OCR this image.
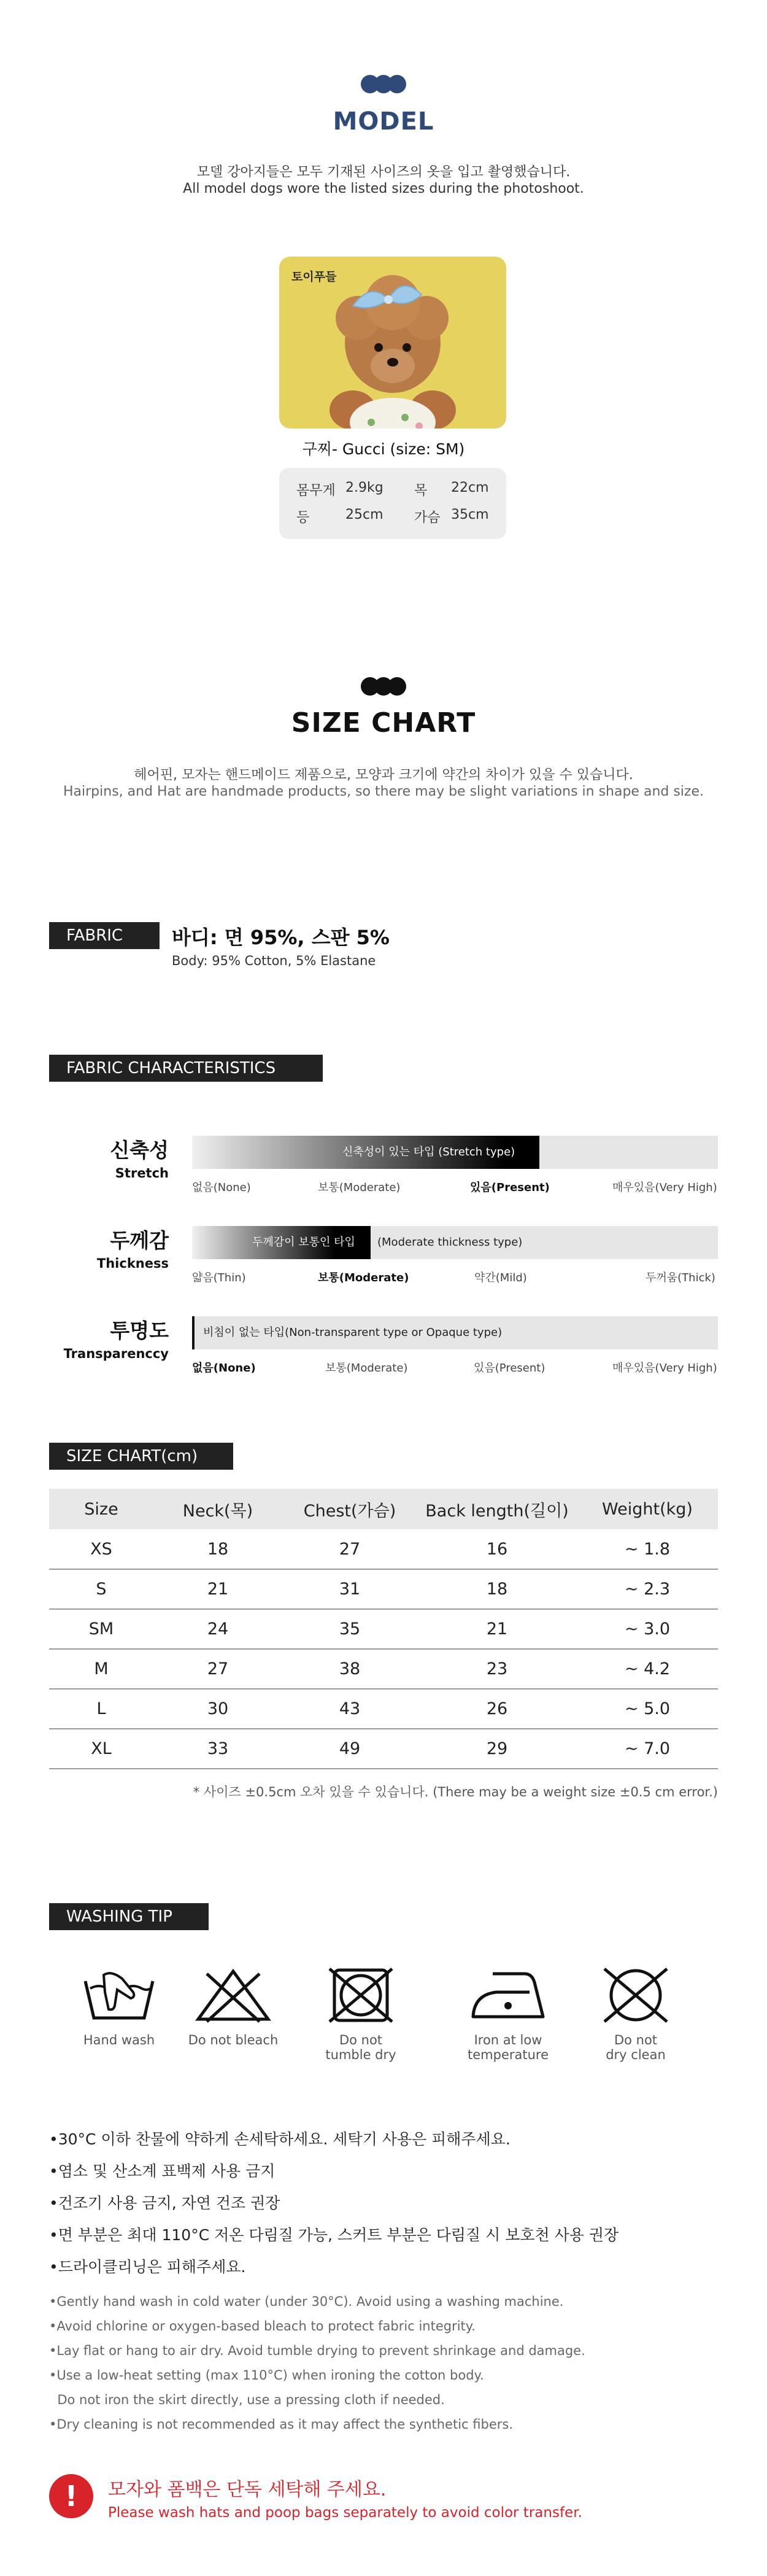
MODEL
모델 강아지들은 모두 기재된 사이즈의 옷을 입고 촬영했습니다.
All model dogs wore the listed sizes during the photoshoot.
토이푸들
구찌- Gucci (size: SM)
몸무게 2.9kg 목 22cm
등	25cm 가슴 35cm
SIZE CHART
헤어핀, 모자는 핸드메이드 제품으로, 모양과 크기에 약간의 차이가 있을 수 있습니다.
Hairpins, and Hat are handmade products, so there may be slight variations in shape and size.
FABRIC	바디: 면 95%, 스판 5%
Body: 95% Cotton, 5% Elastane
FABRIC CHARACTERISTICS
신축성
Stretch
신축성이 있는 타입 (Stretch type)
없음(None)	보통(Moderate)	있음(Present)	매우있음(Very High)
두께감
Thickness
두께감이 보통인 타입 (Moderate thickness type)
얇음(Thin)	보통(Moderate)	약간(Mild)	두꺼움(Thick)
투명도
Transparenccy
비침이 없는 타입(Non-transparent type or Opaque type)
없음(None)	보통(Moderate)	있음(Present)	매우있음(Very High)
SIZE CHART(cm)
Size	Neck(목)	Chest(가슴)	Back length(길이)	Weight(kg)
XS	18	27	16	~ 1.8
S	21	31	18	~ 2.3
SM	24	35	21	~ 3.0
M	27	38	23	~ 4.2
L	30	43	26	~ 5.0
XL	33	49	29	~ 7.0
* 사이즈 ±0.5cm 오차 있을 수 있습니다. (There may be a weight size ±0.5 cm error.)
WASHING TIP
Hand wash	Do not bleach	Do not
tumble dry
Iron at low
temperature
Do not
dry clean
•30°C 이하 찬물에 약하게 손세탁하세요. 세탁기 사용은 피해주세요.
•염소 및 산소계 표백제 사용 금지
•건조기 사용 금지, 자연 건조 권장
•면 부분은 최대 110°C 저온 다림질 가능, 스커트 부분은 다림질 시 보호천 사용 권장
•드라이클리닝은 피해주세요.
•Gently hand wash in cold water (under 30°C). Avoid using a washing machine.
•Avoid chlorine or oxygen-based bleach to protect fabric integrity.
•Lay flat or hang to air dry. Avoid tumble drying to prevent shrinkage and damage.
•Use a low-heat setting (max 110°C) when ironing the cotton body.
Do not iron the skirt directly, use a pressing cloth if needed.
•Dry cleaning is not recommended as it may affect the synthetic fibers.
!	모자와 폼백은 단독 세탁해 주세요.
Please wash hats and poop bags separately to avoid color transfer.
